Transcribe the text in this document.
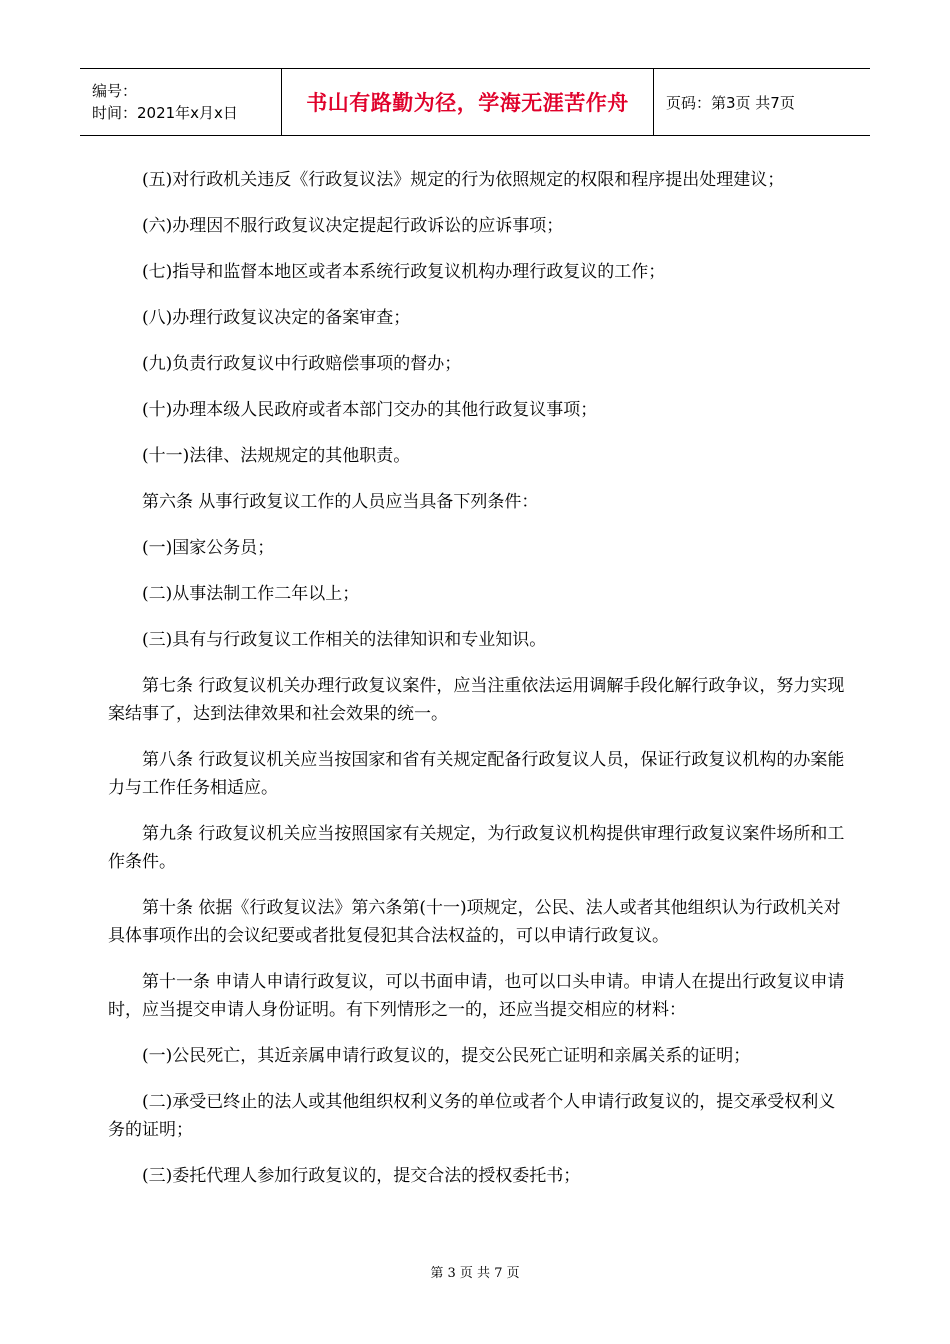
编号：
时间：2021年x月x日	书山有路勤为径，学海无涯苦作舟 页码：第3页 共7页

(五)对行政机关违反《行政复议法》规定的行为依照规定的权限和程序提出处理建议；

(六)办理因不服行政复议决定提起行政诉讼的应诉事项；

(七)指导和监督本地区或者本系统行政复议机构办理行政复议的工作；

(八)办理行政复议决定的备案审查；

(九)负责行政复议中行政赔偿事项的督办；

(十)办理本级人民政府或者本部门交办的其他行政复议事项；

(十一)法律、法规规定的其他职责。

第六条 从事行政复议工作的人员应当具备下列条件：

(一)国家公务员；

(二)从事法制工作二年以上；

(三)具有与行政复议工作相关的法律知识和专业知识。

第七条 行政复议机关办理行政复议案件，应当注重依法运用调解手段化解行政争议，努力实现案结事了，达到法律效果和社会效果的统一。

第八条 行政复议机关应当按国家和省有关规定配备行政复议人员，保证行政复议机构的办案能力与工作任务相适应。

第九条 行政复议机关应当按照国家有关规定，为行政复议机构提供审理行政复议案件场所和工作条件。

第十条 依据《行政复议法》第六条第(十一)项规定，公民、法人或者其他组织认为行政机关对具体事项作出的会议纪要或者批复侵犯其合法权益的，可以申请行政复议。

第十一条 申请人申请行政复议，可以书面申请，也可以口头申请。申请人在提出行政复议申请时，应当提交申请人身份证明。有下列情形之一的，还应当提交相应的材料：

(一)公民死亡，其近亲属申请行政复议的，提交公民死亡证明和亲属关系的证明；

(二)承受已终止的法人或其他组织权利义务的单位或者个人申请行政复议的，提交承受权利义务的证明；

(三)委托代理人参加行政复议的，提交合法的授权委托书；

第 3 页 共 7 页
